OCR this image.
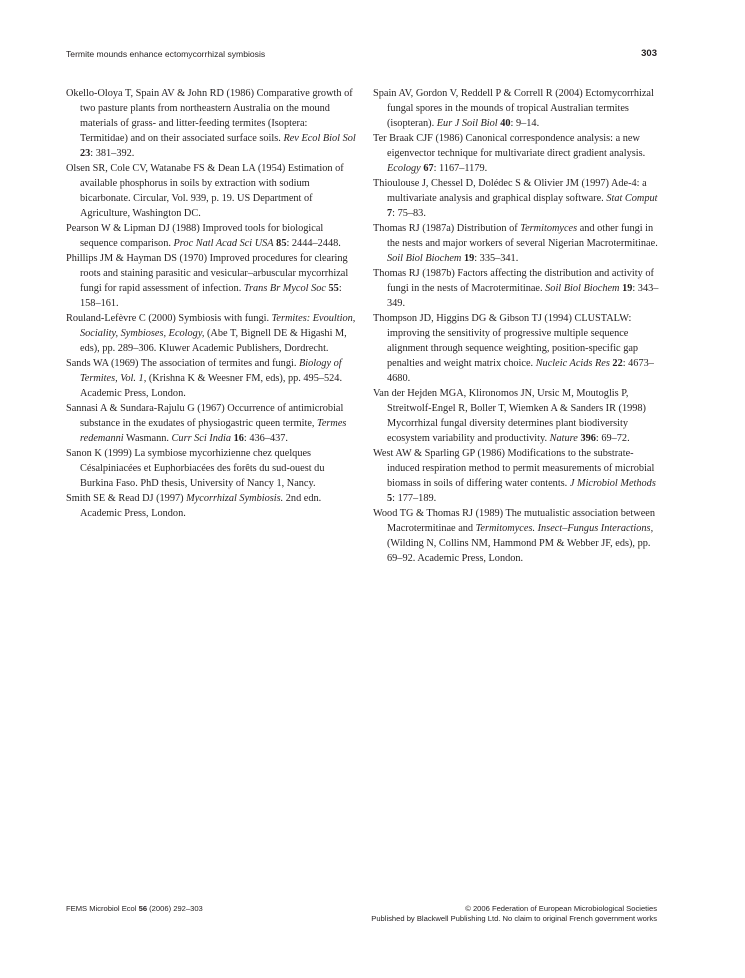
Termite mounds enhance ectomycorrhizal symbiosis	303

Okello-Oloya T, Spain AV & John RD (1986) Comparative growth of two pasture plants from northeastern Australia on the mound materials of grass- and litter-feeding termites (Isoptera: Termitidae) and on their associated surface soils. Rev Ecol Biol Sol 23: 381–392.

Olsen SR, Cole CV, Watanabe FS & Dean LA (1954) Estimation of available phosphorus in soils by extraction with sodium bicarbonate. Circular, Vol. 939, p. 19. US Department of Agriculture, Washington DC.

Pearson W & Lipman DJ (1988) Improved tools for biological sequence comparison. Proc Natl Acad Sci USA 85: 2444–2448.

Phillips JM & Hayman DS (1970) Improved procedures for clearing roots and staining parasitic and vesicular–arbuscular mycorrhizal fungi for rapid assessment of infection. Trans Br Mycol Soc 55: 158–161.

Rouland-Lefèvre C (2000) Symbiosis with fungi. Termites: Evoultion, Sociality, Symbioses, Ecology, (Abe T, Bignell DE & Higashi M, eds), pp. 289–306. Kluwer Academic Publishers, Dordrecht.

Sands WA (1969) The association of termites and fungi. Biology of Termites, Vol. 1, (Krishna K & Weesner FM, eds), pp. 495–524. Academic Press, London.

Sannasi A & Sundara-Rajulu G (1967) Occurrence of antimicrobial substance in the exudates of physiogastric queen termite, Termes redemanni Wasmann. Curr Sci India 16: 436–437.

Sanon K (1999) La symbiose mycorhizienne chez quelques Césalpiniacées et Euphorbiacées des forêts du sud-ouest du Burkina Faso. PhD thesis, University of Nancy 1, Nancy.

Smith SE & Read DJ (1997) Mycorrhizal Symbiosis. 2nd edn. Academic Press, London.

Spain AV, Gordon V, Reddell P & Correll R (2004) Ectomycorrhizal fungal spores in the mounds of tropical Australian termites (isopteran). Eur J Soil Biol 40: 9–14.

Ter Braak CJF (1986) Canonical correspondence analysis: a new eigenvector technique for multivariate direct gradient analysis. Ecology 67: 1167–1179.

Thioulouse J, Chessel D, Dolédec S & Olivier JM (1997) Ade-4: a multivariate analysis and graphical display software. Stat Comput 7: 75–83.

Thomas RJ (1987a) Distribution of Termitomyces and other fungi in the nests and major workers of several Nigerian Macrotermitinae. Soil Biol Biochem 19: 335–341.

Thomas RJ (1987b) Factors affecting the distribution and activity of fungi in the nests of Macrotermitinae. Soil Biol Biochem 19: 343–349.

Thompson JD, Higgins DG & Gibson TJ (1994) CLUSTALW: improving the sensitivity of progressive multiple sequence alignment through sequence weighting, position-specific gap penalties and weight matrix choice. Nucleic Acids Res 22: 4673–4680.

Van der Hejden MGA, Klironomos JN, Ursic M, Moutoglis P, Streitwolf-Engel R, Boller T, Wiemken A & Sanders IR (1998) Mycorrhizal fungal diversity determines plant biodiversity ecosystem variability and productivity. Nature 396: 69–72.

West AW & Sparling GP (1986) Modifications to the substrate-induced respiration method to permit measurements of microbial biomass in soils of differing water contents. J Microbiol Methods 5: 177–189.

Wood TG & Thomas RJ (1989) The mutualistic association between Macrotermitinae and Termitomyces. Insect–Fungus Interactions, (Wilding N, Collins NM, Hammond PM & Webber JF, eds), pp. 69–92. Academic Press, London.

FEMS Microbiol Ecol 56 (2006) 292–303	© 2006 Federation of European Microbiological Societies
Published by Blackwell Publishing Ltd. No claim to original French government works
